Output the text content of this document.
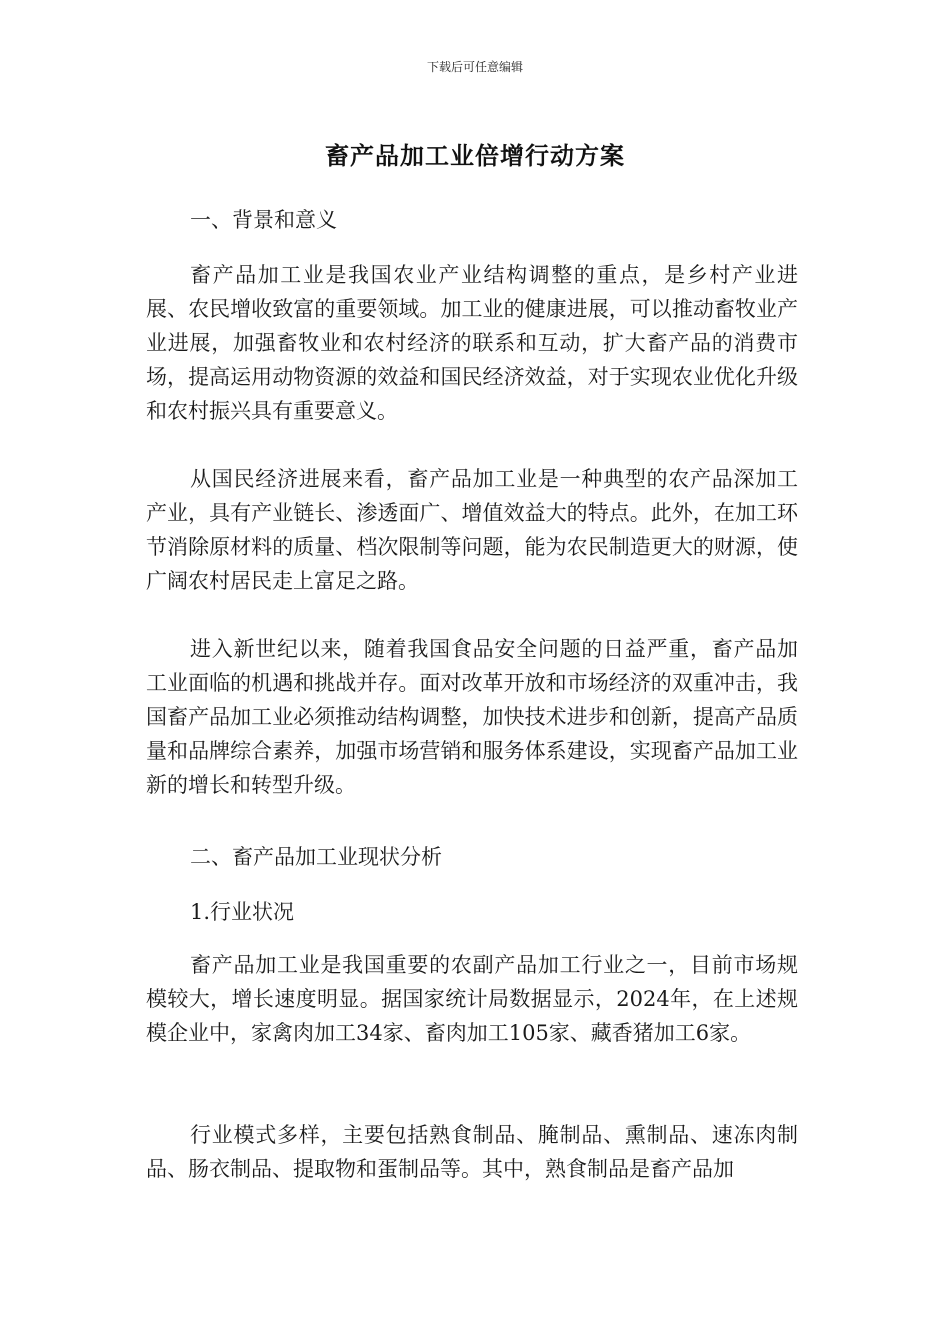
下载后可任意编辑
畜产品加工业倍增行动方案

一、背景和意义

畜产品加工业是我国农业产业结构调整的重点，是乡村产业进展、农民增收致富的重要领域。加工业的健康进展，可以推动畜牧业产业进展，加强畜牧业和农村经济的联系和互动，扩大畜产品的消费市场，提高运用动物资源的效益和国民经济效益，对于实现农业优化升级和农村振兴具有重要意义。

从国民经济进展来看，畜产品加工业是一种典型的农产品深加工产业，具有产业链长、渗透面广、增值效益大的特点。此外，在加工环节消除原材料的质量、档次限制等问题，能为农民制造更大的财源，使广阔农村居民走上富足之路。

进入新世纪以来，随着我国食品安全问题的日益严重，畜产品加工业面临的机遇和挑战并存。面对改革开放和市场经济的双重冲击，我国畜产品加工业必须推动结构调整，加快技术进步和创新，提高产品质量和品牌综合素养，加强市场营销和服务体系建设，实现畜产品加工业新的增长和转型升级。

二、畜产品加工业现状分析

1.行业状况

畜产品加工业是我国重要的农副产品加工行业之一，目前市场规模较大，增长速度明显。据国家统计局数据显示，2024年，在上述规模企业中，家禽肉加工34家、畜肉加工105家、藏香猪加工6家。

行业模式多样，主要包括熟食制品、腌制品、熏制品、速冻肉制品、肠衣制品、提取物和蛋制品等。其中，熟食制品是畜产品加
